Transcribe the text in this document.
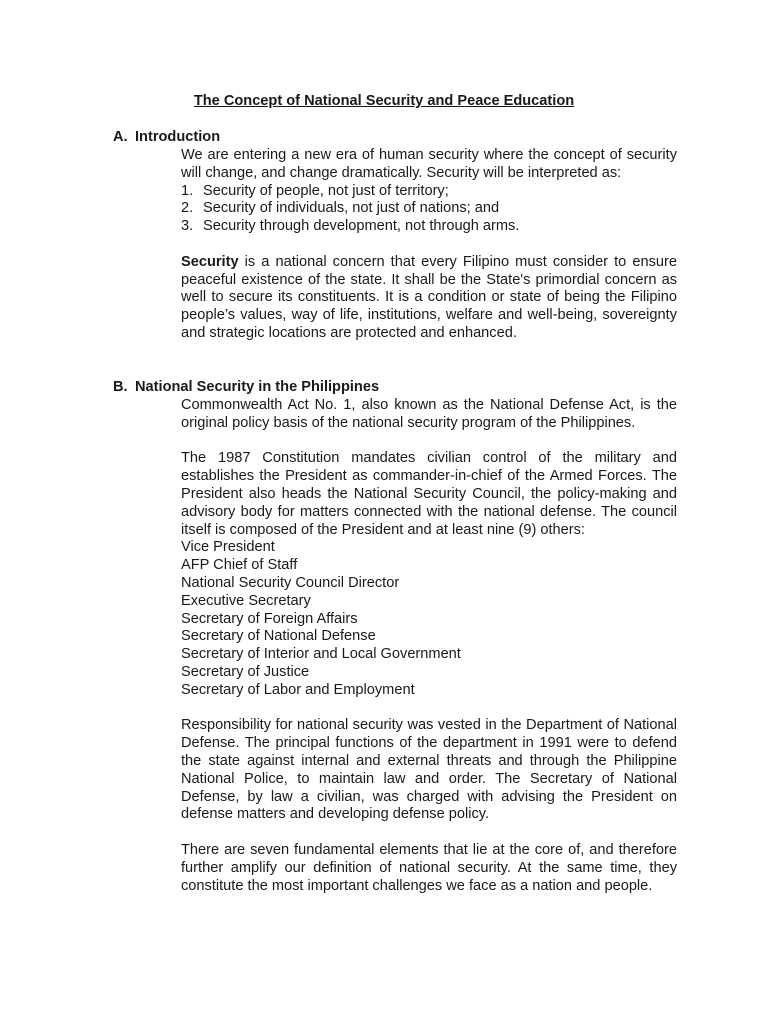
The Concept of National Security and Peace Education
A. Introduction

We are entering a new era of human security where the concept of security will change, and change dramatically. Security will be interpreted as:

1. Security of people, not just of territory;
2. Security of individuals, not just of nations; and
3. Security through development, not through arms.

Security is a national concern that every Filipino must consider to ensure peaceful existence of the state. It shall be the State's primordial concern as well to secure its constituents. It is a condition or state of being the Filipino people’s values, way of life, institutions, welfare and well-being, sovereignty and strategic locations are protected and enhanced.

B. National Security in the Philippines

Commonwealth Act No. 1, also known as the National Defense Act, is the original policy basis of the national security program of the Philippines.

The 1987 Constitution mandates civilian control of the military and establishes the President as commander-in-chief of the Armed Forces. The President also heads the National Security Council, the policy-making and advisory body for matters connected with the national defense. The council itself is composed of the President and at least nine (9) others:

Vice President
AFP Chief of Staff
National Security Council Director
Executive Secretary
Secretary of Foreign Affairs
Secretary of National Defense
Secretary of Interior and Local Government
Secretary of Justice
Secretary of Labor and Employment

Responsibility for national security was vested in the Department of National Defense. The principal functions of the department in 1991 were to defend the state against internal and external threats and through the Philippine National Police, to maintain law and order. The Secretary of National Defense, by law a civilian, was charged with advising the President on defense matters and developing defense policy.

There are seven fundamental elements that lie at the core of, and therefore further amplify our definition of national security. At the same time, they constitute the most important challenges we face as a nation and people.
